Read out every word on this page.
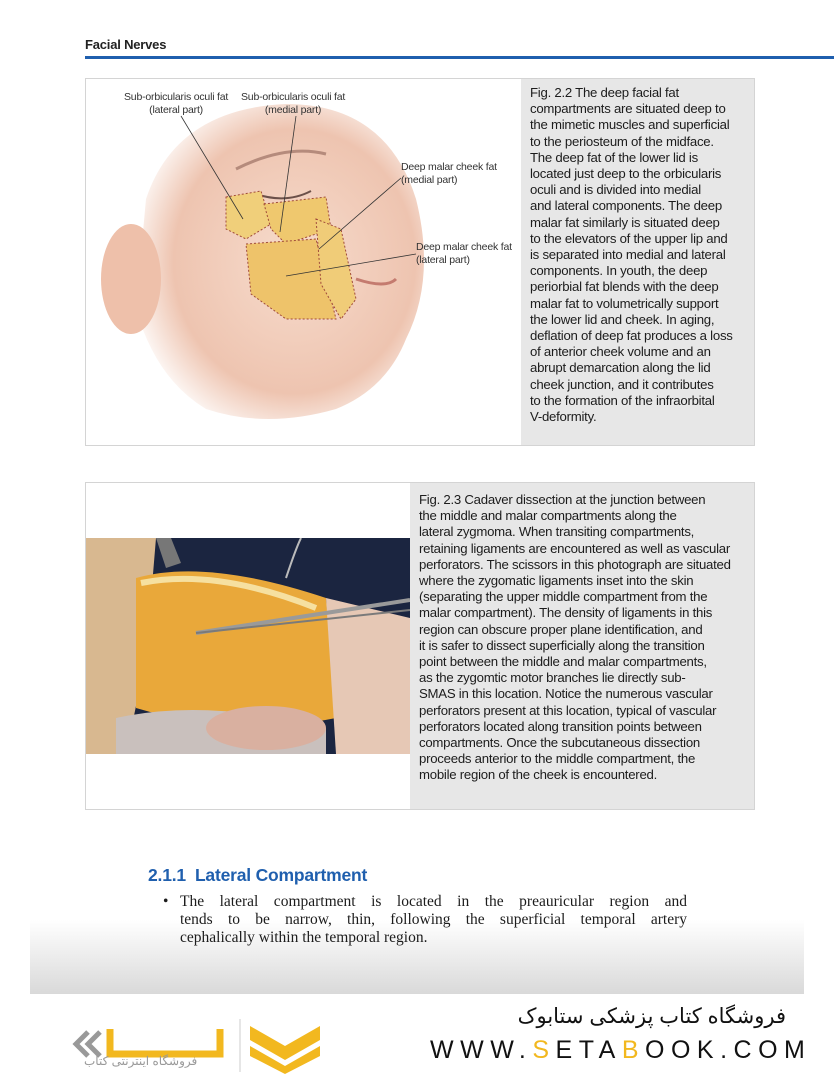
Facial Nerves
Sub-orbicularis oculi fat
(lateral part)
Sub-orbicularis oculi fat
(medial part)
Deep malar cheek fat
(medial part)
Deep malar cheek fat
(lateral part)
Fig. 2.2 The deep facial fat
compartments are situated deep to
the mimetic muscles and superficial
to the periosteum of the midface.
The deep fat of the lower lid is
located just deep to the orbicularis
oculi and is divided into medial
and lateral components. The deep
malar fat similarly is situated deep
to the elevators of the upper lip and
is separated into medial and lateral
components. In youth, the deep
periorbial fat blends with the deep
malar fat to volumetrically support
the lower lid and cheek. In aging,
deflation of deep fat produces a loss
of anterior cheek volume and an
abrupt demarcation along the lid
cheek junction, and it contributes
to the formation of the infraorbital
V-deformity.
Fig. 2.3 Cadaver dissection at the junction between
the middle and malar compartments along the
lateral zygmoma. When transiting compartments,
retaining ligaments are encountered as well as vascular
perforators. The scissors in this photograph are situated
where the zygomatic ligaments inset into the skin
(separating the upper middle compartment from the
malar compartment). The density of ligaments in this
region can obscure proper plane identification, and
it is safer to dissect superficially along the transition
point between the middle and malar compartments,
as the zygomtic motor branches lie directly sub-
SMAS in this location. Notice the numerous vascular
perforators present at this location, typical of vascular
perforators located along transition points between
compartments. Once the subcutaneous dissection
proceeds anterior to the middle compartment, the
mobile region of the cheek is encountered.
2.1.1 Lateral Compartment
• The lateral compartment is located in the preauricular region and
tends to be narrow, thin, following the superficial temporal artery
cephalically within the temporal region.
فروشگاه اینترنتی کتاب
فروشگاه کتاب پزشکی ستابوک
WWW.SETABOOK.COM
